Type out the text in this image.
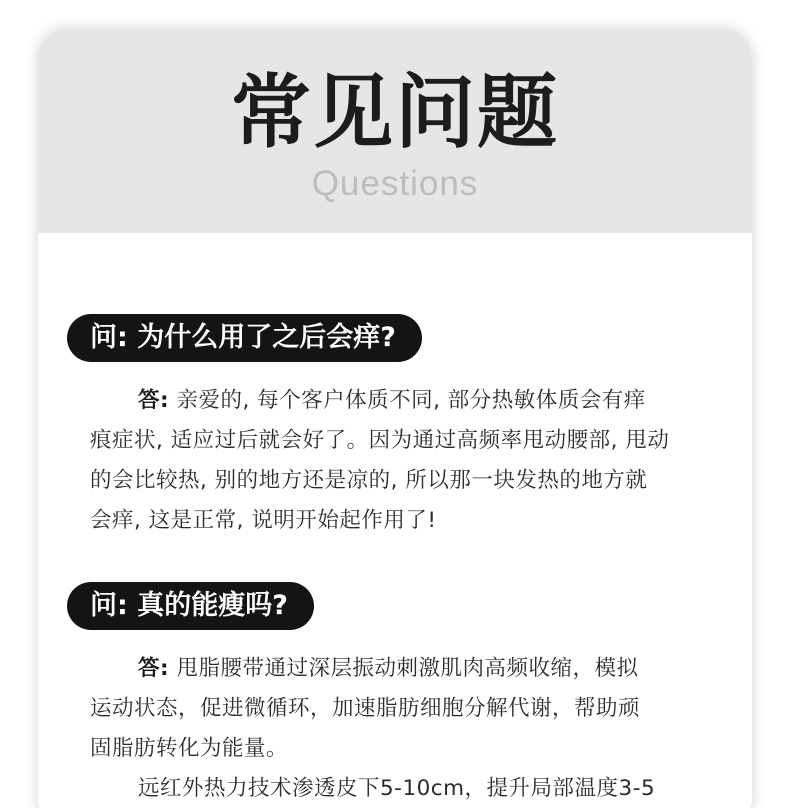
常见问题
Questions
问: 为什么用了之后会痒?
答: 亲爱的, 每个客户体质不同, 部分热敏体质会有痒
痕症状, 适应过后就会好了。因为通过高频率甩动腰部, 甩动
的会比较热, 别的地方还是凉的, 所以那一块发热的地方就
会痒, 这是正常, 说明开始起作用了!
问: 真的能瘦吗?
答: 甩脂腰带通过深层振动刺激肌肉高频收缩，模拟
运动状态，促进微循环，加速脂肪细胞分解代谢，帮助顽
固脂肪转化为能量。
远红外热力技术渗透皮下5-10cm，提升局部温度3-5
